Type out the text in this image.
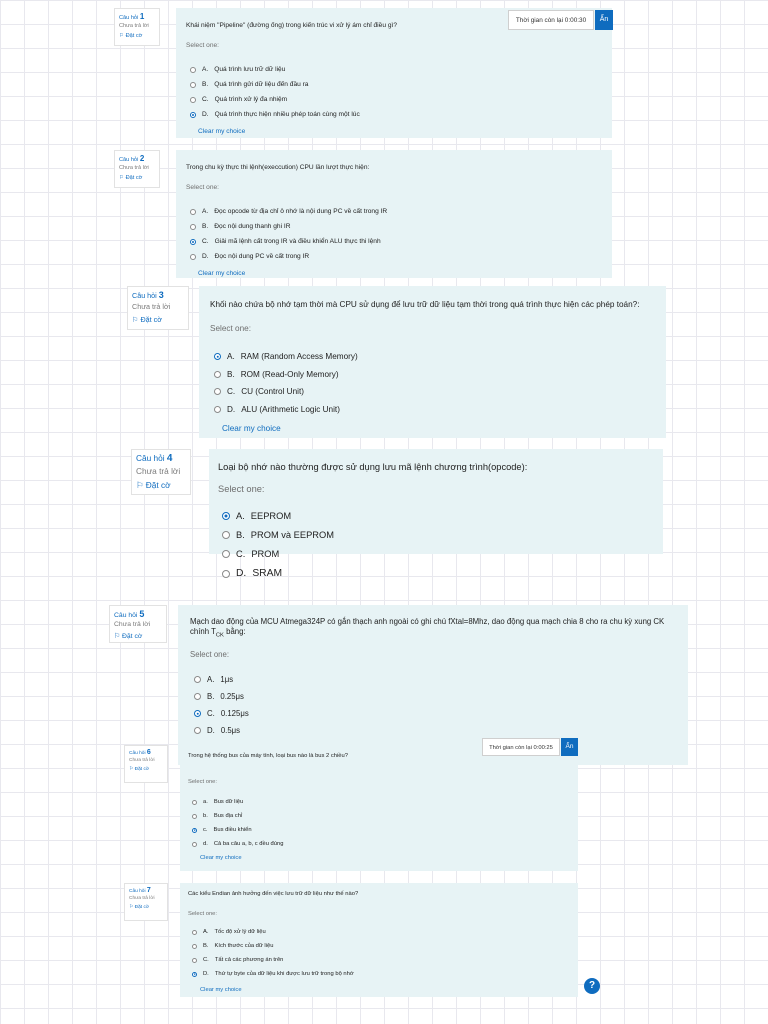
Câu hỏi 1
Chưa trả lời
⚐ Đặt cờ
Khái niệm "Pipeline" (đường ống) trong kiến trúc vi xử lý ám chỉ điều gì?
Select one:
A. Quá trình lưu trữ dữ liệu
B. Quá trình gửi dữ liệu đến đầu ra
C. Quá trình xử lý đa nhiệm
D. Quá trình thực hiện nhiều phép toán cùng một lúc
Clear my choice
Câu hỏi 2
Chưa trả lời
⚐ Đặt cờ
Trong chu kỳ thực thi lệnh(execcution) CPU lần lượt thực hiện:
Select one:
A. Đọc opcode từ địa chỉ ô nhớ là nội dung PC về cất trong IR
B. Đọc nội dung thanh ghi IR
C. Giải mã lệnh cất trong IR và điều khiển ALU thực thi lệnh
D. Đọc nội dung PC về cất trong IR
Clear my choice
Câu hỏi 3
Chưa trả lời
⚐ Đặt cờ
Khối nào chứa bộ nhớ tạm thời mà CPU sử dụng để lưu trữ dữ liệu tạm thời trong quá trình thực hiện các phép toán?:
Select one:
A. RAM (Random Access Memory)
B. ROM (Read-Only Memory)
C. CU (Control Unit)
D. ALU (Arithmetic Logic Unit)
Clear my choice
Câu hỏi 4
Chưa trả lời
⚐ Đặt cờ
Loại bộ nhớ nào thường được sử dụng lưu mã lệnh chương trình(opcode):
Select one:
A. EEPROM
B. PROM và EEPROM
C. PROM
D. SRAM
Câu hỏi 5
Chưa trả lời
⚐ Đặt cờ
Mạch dao động của MCU Atmega324P có gắn thạch anh ngoài có ghi chú fXtal=8Mhz, dao động qua mạch chia 8 cho ra chu kỳ xung CK chính $T_{CK}$ bằng:
Select one:
A. 1μs
B. 0.25μs
C. 0.125μs
D. 0.5μs
Câu hỏi 6
Chưa trả lời
⚐ Đặt cờ
Trong hệ thống bus của máy tính, loại bus nào là bus 2 chiều?
Select one:
a. Bus dữ liệu
b. Bus địa chỉ
c. Bus điều khiển
d. Cả ba câu a, b, c đều đúng
Clear my choice
Câu hỏi 7
Chưa trả lời
⚐ Đặt cờ
Các kiểu Endian ảnh hưởng đến việc lưu trữ dữ liệu như thế nào?
Select one:
A. Tốc độ xử lý dữ liệu
B. Kích thước của dữ liệu
C. Tất cả các phương án trên
D. Thứ tự byte của dữ liệu khi được lưu trữ trong bộ nhớ
Clear my choice
Thời gian còn lại 0:00:30	Ẩn
Thời gian còn lại 0:00:25	Ẩn
?
